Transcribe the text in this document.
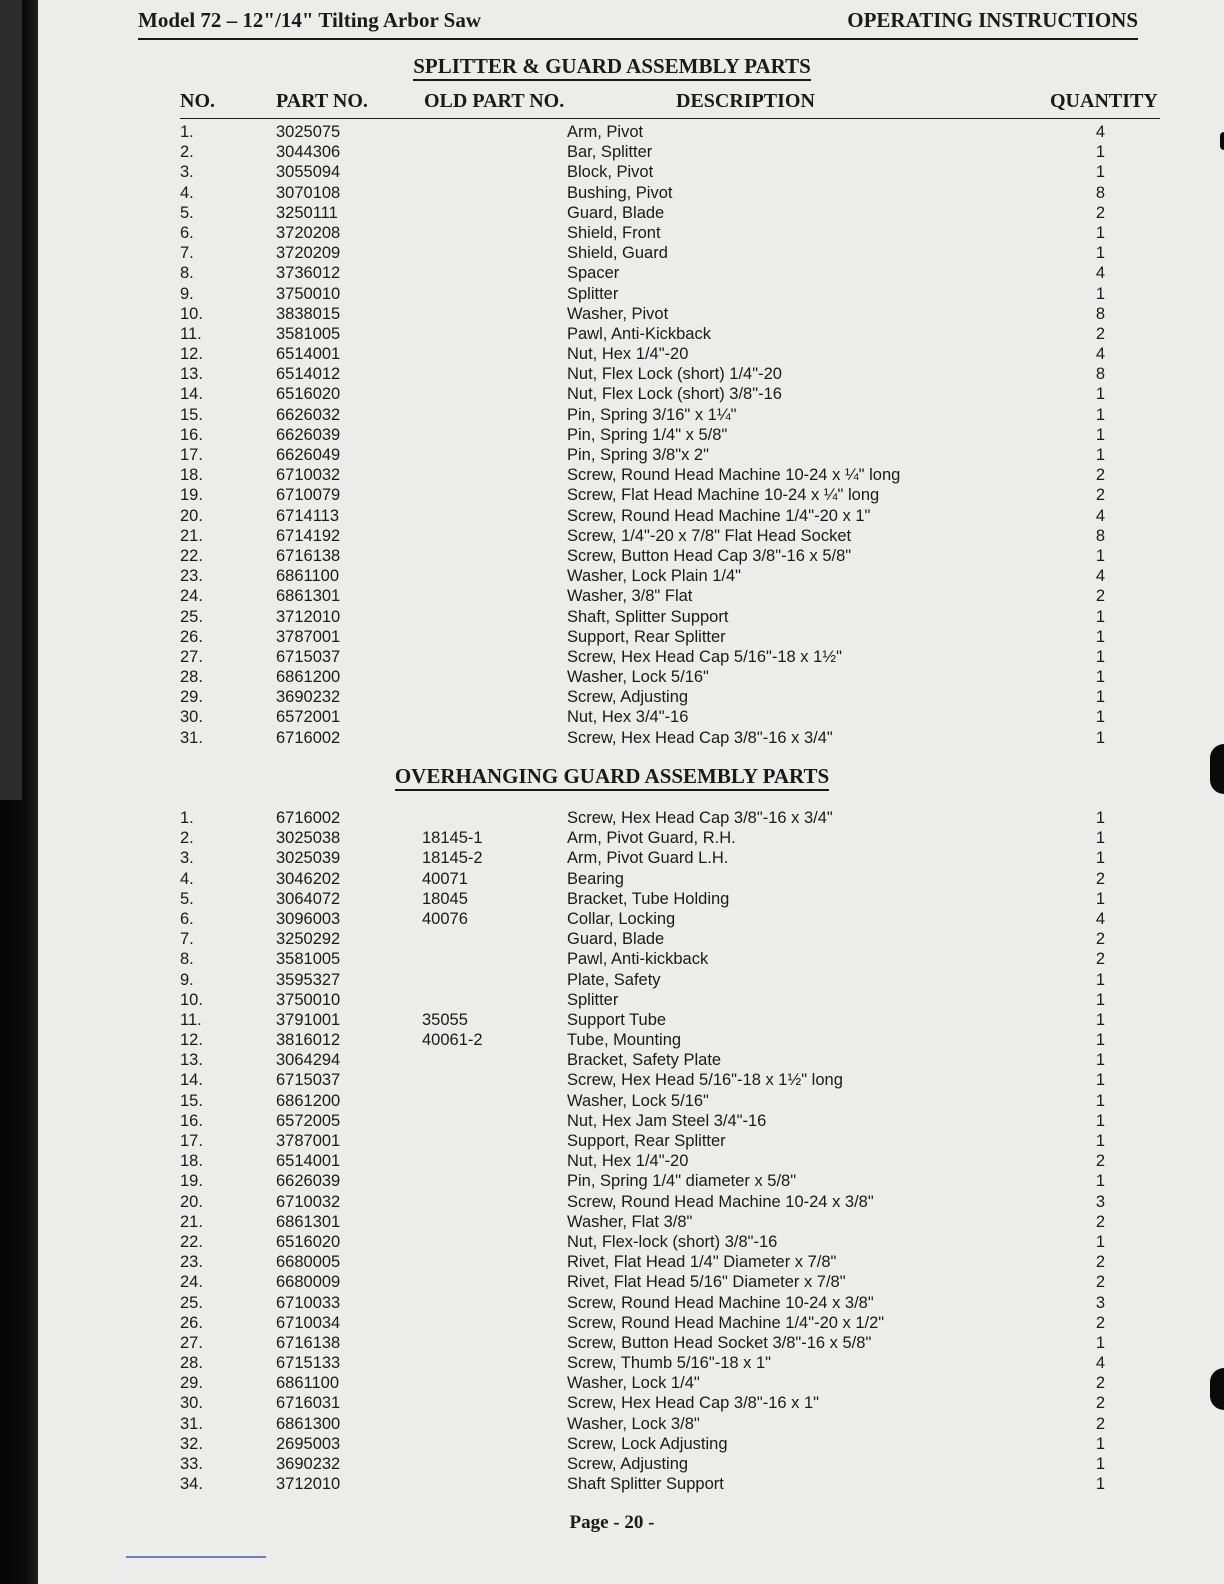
Model 72 – 12"/14" Tilting Arbor Saw	OPERATING INSTRUCTIONS
SPLITTER & GUARD ASSEMBLY PARTS
NO.	PART NO.	OLD PART NO.	DESCRIPTION	QUANTITY
1.	3025075	Arm, Pivot	4
2.	3044306	Bar, Splitter	1
3.	3055094	Block, Pivot	1
4.	3070108	Bushing, Pivot	8
5.	3250111	Guard, Blade	2
6.	3720208	Shield, Front	1
7.	3720209	Shield, Guard	1
8.	3736012	Spacer	4
9.	3750010	Splitter	1
10.	3838015	Washer, Pivot	8
11.	3581005	Pawl, Anti-Kickback	2
12.	6514001	Nut, Hex 1/4"-20	4
13.	6514012	Nut, Flex Lock (short) 1/4"-20	8
14.	6516020	Nut, Flex Lock (short) 3/8"-16	1
15.	6626032	Pin, Spring 3/16" x 1¼"	1
16.	6626039	Pin, Spring 1/4" x 5/8"	1
17.	6626049	Pin, Spring 3/8"x 2"	1
18.	6710032	Screw, Round Head Machine 10-24 x ¼" long	2
19.	6710079	Screw, Flat Head Machine 10-24 x ¼" long	2
20.	6714113	Screw, Round Head Machine 1/4"-20 x 1"	4
21.	6714192	Screw, 1/4"-20 x 7/8" Flat Head Socket	8
22.	6716138	Screw, Button Head Cap 3/8"-16 x 5/8"	1
23.	6861100	Washer, Lock Plain 1/4"	4
24.	6861301	Washer, 3/8" Flat	2
25.	3712010	Shaft, Splitter Support	1
26.	3787001	Support, Rear Splitter	1
27.	6715037	Screw, Hex Head Cap 5/16"-18 x 1½"	1
28.	6861200	Washer, Lock 5/16"	1
29.	3690232	Screw, Adjusting	1
30.	6572001	Nut, Hex 3/4"-16	1
31.	6716002	Screw, Hex Head Cap 3/8"-16 x 3/4"	1
OVERHANGING GUARD ASSEMBLY PARTS
1.	6716002	Screw, Hex Head Cap 3/8"-16 x 3/4"	1
2.	3025038	18145-1	Arm, Pivot Guard, R.H.	1
3.	3025039	18145-2	Arm, Pivot Guard L.H.	1
4.	3046202	40071	Bearing	2
5.	3064072	18045	Bracket, Tube Holding	1
6.	3096003	40076	Collar, Locking	4
7.	3250292	Guard, Blade	2
8.	3581005	Pawl, Anti-kickback	2
9.	3595327	Plate, Safety	1
10.	3750010	Splitter	1
11.	3791001	35055	Support Tube	1
12.	3816012	40061-2	Tube, Mounting	1
13.	3064294	Bracket, Safety Plate	1
14.	6715037	Screw, Hex Head 5/16"-18 x 1½" long	1
15.	6861200	Washer, Lock 5/16"	1
16.	6572005	Nut, Hex Jam Steel 3/4"-16	1
17.	3787001	Support, Rear Splitter	1
18.	6514001	Nut, Hex 1/4"-20	2
19.	6626039	Pin, Spring 1/4" diameter x 5/8"	1
20.	6710032	Screw, Round Head Machine 10-24 x 3/8"	3
21.	6861301	Washer, Flat 3/8"	2
22.	6516020	Nut, Flex-lock (short) 3/8"-16	1
23.	6680005	Rivet, Flat Head 1/4" Diameter x 7/8"	2
24.	6680009	Rivet, Flat Head 5/16" Diameter x 7/8"	2
25.	6710033	Screw, Round Head Machine 10-24 x 3/8"	3
26.	6710034	Screw, Round Head Machine 1/4"-20 x 1/2"	2
27.	6716138	Screw, Button Head Socket 3/8"-16 x 5/8"	1
28.	6715133	Screw, Thumb 5/16"-18 x 1"	4
29.	6861100	Washer, Lock 1/4"	2
30.	6716031	Screw, Hex Head Cap 3/8"-16 x 1"	2
31.	6861300	Washer, Lock 3/8"	2
32.	2695003	Screw, Lock Adjusting	1
33.	3690232	Screw, Adjusting	1
34.	3712010	Shaft Splitter Support	1
Page - 20 -
